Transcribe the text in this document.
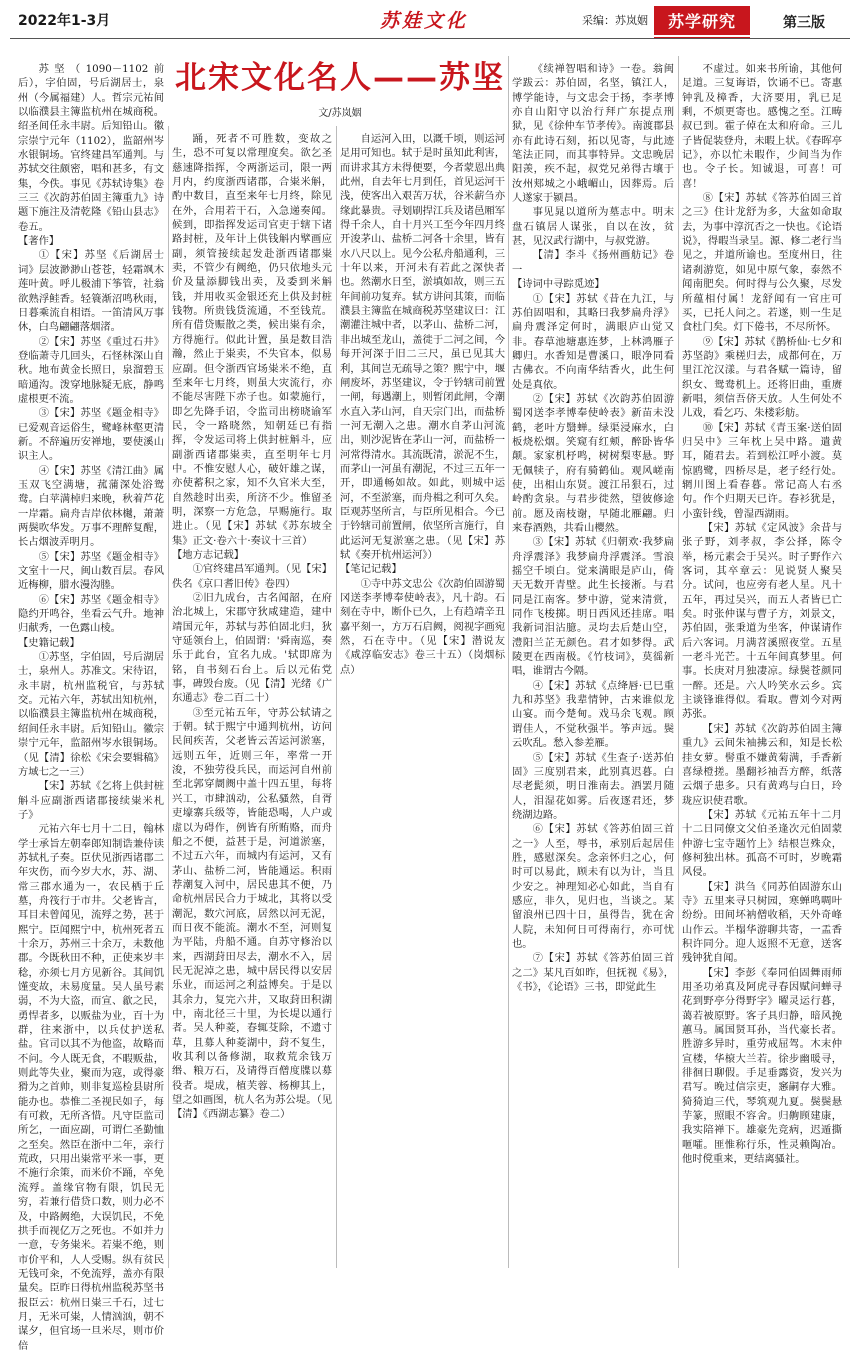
2022年1-3月	苏娃文化	采编：苏岚姻	苏学研究	第三版
北宋文化名人——苏坚
文/苏岚姻

苏坚（1090－1102前后），字伯固，号后湖居士，泉州（今属福建）人。哲宗元祐间以临濮县主簿监杭州在城商税。绍圣间任永丰尉。后知铅山。徽宗崇宁元年（1102），监韶州岑水银铜场。官终建昌军通判。与苏轼交往颇密，唱和甚多，有文集，今佚。事见《苏轼诗集》卷三三《次韵苏伯固主簿重九》诗题下施注及清乾隆《铅山县志》卷五。

【著作】

①【宋】苏坚《后湖居士词》层波渺渺山苍苍，轻霜飒木莲叶黄。呼儿极浦下筝管，社翁欲熟浮鲑香。轻簑渐沼鸣秋雨，日暮乘流自相语。一笛清风万事休，白鸟翩翩落烟渚。

②【宋】苏坚《重过石井》登临萧寺几回头，石怪林深山自秋。地布黄金长照日，泉溜碧玉暗通沟。泼穿地脉疑无底，静鸣虚根更不流。

③【宋】苏坚《题金相寺》已爱观音运俗生，鹭峰林壑更清新。不辞遍历安禅地，要使溪山识主人。

④【宋】苏坚《清江曲》属玉双飞空满塘，菰蒲深处浴鸳鸯。白苹满棹归来晚，秋着芦花一岸霜。扁舟吉岸依林樾，萧萧两鬓吹华发。万事不理醉复醒，长占烟波弄明月。

⑤【宋】苏坚《题金相寺》文室十一尺，闽山数百层。春风近梅柳，腊水漫沟塍。

⑥【宋】苏坚《题金相寺》隐约开鸣谷，坐看云气升。地神归献秀，一色露山棱。

【史籍记载】

①苏坚，字伯固，号后湖居士，泉州人。苏准文。宋待诏，永丰尉，杭州监税官，与苏轼交。元祐六年，苏轼出知杭州，以临濮县主簿监杭州在城商税，绍间任永丰尉。后知铅山。徽宗崇宁元年，监韶州岑水银铜场。（见【清】徐松《宋会要辑稿》方域七之一三）

【宋】苏轼《乞将上供封桩斛斗应副浙西诸郡接续粜米札子》

元祐六年七月十二日，翰林学士承旨左朝奉郎知制诰兼侍读苏轼札子奏。臣伏见浙西诸郡二年灾伤，而今岁大水，苏、湖、常三郡水通为一，农民栖于丘墓，舟筏行于市井。父老皆言，耳目未曾闻见，流殍之势，甚于熙宁。臣闻熙宁中，杭州死者五十余万，苏州三十余万，未数他郡。今既秋田不种，正使来岁丰稔，亦须七月方见新谷。其间饥馑变故，未易度量。吴人虽号素弱，不为大盗，而宣、歙之民，勇悍者多，以贩盐为业，百十为群，往来浙中，以兵仗护送私盐。官司以其不为他盗，故略而不问。今人既无食，不暇贩盐，则此等失业，聚而为寇，或得豪猾为之首帅，则非复巡检县尉所能办也。恭惟二圣视民如子，每有可救，无所吝惜。凡守臣监司所乞，一面应副，可谓仁圣勤恤之至矣。然臣在浙中二年，亲行荒政，只用出粜常平米一事，更不施行余策，而米价不踊，卒免流殍。盖缘官物有限，饥民无穷，若兼行借贷口数，则力必不及，中路阙绝，大误饥民，不免拱手而视亿万之死也。不如并力一意，专务粜米。若粜不绝，则市价平和，人人受赐。纵有贫民无钱可籴，不免流殍，盖亦有限量矣。臣昨日得杭州监税苏坚书报臣云：杭州日粜三千石，过七月，无米可粜，人情汹汹，朝不谋夕，但官场一旦米尽，则市价倍

踊，死者不可胜数，变故之生，恐不可复以常理度矣。欲乞圣慈速降指挥，令两浙运司，限一两月内，约度浙西诸郡，合粜米斛，酌中数目，直至来年七月终，除见在外，合用若干石，入急递奏闻。候到，即指挥发运司官吏于辖下诸路封桩，及年计上供钱斛内擘画应副，须管接续起发赴浙西诸郡粜卖，不管少有阙绝，仍只依地头元价及量添脚钱出卖，及委到米斛钱，并用收买金银还充上供及封桩钱物。所贵钱货流通，不至钱荒。所有借贷赈散之类，候出粜有余，方得施行。似此计置，虽是数目浩瀚，然止于粜卖，不失官本，似易应副。但令浙西官场粜米不绝，直至来年七月终，则虽大灾流行，亦不能尽害陛下赤子也。如蒙施行，即乞先降手诏，令监司出榜晓谕军民，令一路晓然，知朝廷已有指挥，令发运司将上供封桩斛斗，应副浙西诸郡粜卖，直至明年七月中。不惟安慰人心，破奸雄之谋，亦使蓄积之家，知不久官米大至，自然趁时出卖，所济不少。惟留圣明，深察一方危急，早赐施行。取进止。（见【宋】苏轼《苏东坡全集》正文·卷六十·奏议十三首）

【地方志记载】

①官终建昌军通判。（见【宋】佚名《京口耆旧传》卷四）

②旧九成台，古名闻韶，在府治北城上，宋郡守狄咸建造，建中靖国元年，苏轼与苏伯固北归，狄守延领台上，伯固谓：'舜南巡，奏乐于此台，宜名九成。'轼即席为铭，自书刻石台上。后以元佑党事，碑毁台废。（见【清】光绪《广东通志》卷二百二十）

③至元祐五年，守苏公轼请之于朝。轼于熙宁中通判杭州，访问民间疾苦，父老皆云苦运河淤塞，远则五年，近则三年，率常一开浚，不独劳役兵民，而运河自州前至北郭穿阛阓中盖十四五里，每将兴工，市肆汹动，公私骚然，自胥吏壕寨兵级等，皆能恐喝，人户或虚以为碍作，例皆有所贿赂，而舟船之不便，益甚于是，河道淤塞，不过五六年，而城内有运河，又有茅山、盐桥二河，皆能通运。积雨荐潮复入河中，居民患其不便，乃命杭州居民合力于城北，其将以受潮泥，数穴河底，居然以河无泥，而日夜不能流。潮水不至，河则复为平陆，舟船不通。自苏守修治以来，西湖葑田尽去，潮水不入，居民无泥淖之患，城中居民得以安居乐业，而运河之利益博矣。于是以其余力，复完六井，又取葑田积湖中，南北径三十里，为长堤以通行者。吴人种菱，春辄芟除，不遗寸草，且募人种菱湖中，葑不复生，收其利以备修湖，取救荒余钱万缗、粮万石，及请得百僧度牒以募役者。堤成，植芙蓉、杨柳其上，望之如画图，杭人名为苏公堤。（见【清】《西湖志纂》卷二）

自运河入田，以溉千顷，则运河足用可知也。轼于是时虽知此利害，而讲求其方未得便要，今者蒙恩出典此州，自去年七月到任，首见运河干浅，使客出入艰苦万状，谷米薪刍亦缘此暴贵。寻划刷捍江兵及诸邑厢军得千余人，自十月兴工至今年四月终开浚茅山、盐桥二河各十余里，皆有水八尺以上。见今公私舟船通利，三十年以来，开河未有若此之深快者也。然潮水日至，淤填如故，则三五年间前功复弃。轼方讲问其策，而临濮县主簿监在城商税苏坚建议曰：江潮灌注城中者，以茅山、盐桥二河，非出城至龙山，盖徙于二河之间，今每开河深于旧二三尺，虽已见其大利，其间岂无疏导之策？熙宁中，堰闸废坏，苏坚建议，令于钤辖司前置一闸，每遇潮上，则暂闭此闸，令潮水直入茅山河，自天宗门出，而盐桥一河无潮入之患。潮水自茅山河流出，则沙泥皆在茅山一河，而盐桥一河常得清水。其流既清，淤泥不生，而茅山一河虽有潮泥，不过三五年一开，即通畅如故。如此，则城中运河，不至淤塞，而舟楫之利可久矣。臣观苏坚所言，与臣所见相合。今已于钤辖司前置闸，依坚所言施行，自此运河无复淤塞之患。（见【宋】苏轼《奏开杭州运河》）

【笔记记载】

①寺中苏文忠公《次韵伯固游蜀冈送李孝博奉使岭表》，凡十韵。石刻在寺中，断仆已久，上有趋靖辛丑嘉平刻一，方万石启阙，阅视字画宛然，石在寺中。（见【宋】潜说友《咸淳临安志》卷三十五）（岗烟标点）

《续禅智唱和诗》一卷。翁闽学跋云：苏伯固，名坚，镇江人，博学能诗，与文忠会于扬，李孝博亦自山阳守以治行拜广东提点刑狱，见《徐仲车节孝传》。南渡郡县亦有此诗石刻，拓以见寄，与此迹笔法正同，而其事特异。文忠晚居阳羡，疾不起，叔党兄弟得古壤于汝州郏城之小峨嵋山，因葬焉。后人遂家于颍昌。

事见晁以道所为墓志中。明末盘石镇居人谋张，自以在汝，贫甚，见汉武行湖中，与叔党游。

【清】李斗《扬州画舫记》卷一

【诗词中寻踪觅迹】

①【宋】苏轼《昔在九江，与苏伯固唱和，其略曰我梦扁舟浮》扁舟震泽定何时，满眼庐山觉又非。春草池塘惠连梦，上林鸿雁子卿归。水香知是曹溪口，眼净同看古佛衣。不向南华结香火，此生何处是真依。

②【宋】苏轼《次韵苏伯固游蜀冈送李孝博奉使岭表》新苗未没鹤，老叶方翳蝉。绿渠浸麻水，白板烧松烟。笑窥有红颊，醉卧皆华颠。家家机杼鸣，树树梨枣悬。野无佩犊子，府有骑鹤仙。观风嵯南使，出相山东贤。渡江吊狠石，过岭酌贪泉。与君步徙然，望彼修途前。愿及南枝谢，早随北雁翩。归来春酒熟，共看山樱然。

③【宋】苏轼《归朝欢·我梦扁舟浮震泽》我梦扁舟浮震泽。雪浪摇空千顷白。觉来满眼是庐山，倚天无数开青壁。此生长接淅。与君同是江南客。梦中游，觉来清赏，同作飞梭掷。明日西风还挂席。唱我新词泪沾臆。灵均去后楚山空，澧阳兰芷无颜色。君才如梦得。武陵更在西南极。《竹枝词》，莫徭新唱，谁谓古今隔。

④【宋】苏轼《点绛唇·已巳重九和苏坚》我辈情钟，古来谁似龙山宴。而今楚甸。戏马余飞观。顾谓佳人，不觉秋强半。筝声远。鬓云吹乱。愁入参差雁。

⑤【宋】苏轼《生查子·送苏伯固》三度别君来，此别真迟暮。白尽老髭须，明日淮南去。酒罢月随人，泪湿花如雾。后夜逐君还，梦绕湖边路。

⑥【宋】苏轼《答苏伯固三首之一》人至，辱书，承别后起居佳胜，感慰深矣。念亲怀归之心，何时可以易此，顾未有以为计，当且少安之。神理知必心如此，当自有感应，非久，见归也，当谈之。某留浪州已四十日，虽得告，犹在舍人院，未知何日可得南行，亦可忧也。

⑦【宋】苏轼《答苏伯固三首之二》某凡百如昨，但抚视《易》，《书》，《论语》三书，即觉此生

不虚过。如来书所谕，其他何足道。三复诲语，饮诵不已。寄惠钟乳及樟香，大济要用，乳已足剩，不烦更寄也。感愧之至。江畴叔已到。霍子倬在太和府命。三儿子皆促装登舟，未暇上状。《春晖亭记》，亦以忙未暇作，少间当为作也。令子长。知诚退，可喜！可喜！

⑧【宋】苏轼《答苏伯固三首之三》住计龙舒为多，大盆如命取去，为事中淳沉否之一快也。《论语说》，得暇当录呈。源、修二老行当见之，并道所谕也。至度州日，往诸刹游览，如见中原气象，泰然不闻南肥矣。何时得与公久聚，尽发所蕴相付属！龙舒闻有一官庄可买，已托人问之。若遂，则一生足食杜门矣。灯下倦书，不尽所怀。

⑨【宋】苏轼《鹊桥仙·七夕和苏坚韵》乘槎归去，成都何在，万里江沱汉漾。与君各赋一篇诗，留织女、鸳鸯机上。还将旧曲，重赓新唱，须信吾侪天放。人生何处不儿戏，看乞巧、朱楼彩舫。

⑩【宋】苏轼《青玉案·送伯固归吴中》三年枕上吴中路。遣黄耳，随君去。若到松江呼小渡。莫惊鸥鹭，四桥尽是，老子经行处。辋川图上看春暮。常记高人右丞句。作个归期天已许。春衫犹是，小蛮针线，曾湿西湖雨。

【宋】苏轼《定风波》余昔与张子野，刘孝叔，李公择，陈令举，杨元素会于吴兴。时子野作六客词，其卒章云：见说贤人聚吴分。试问，也应旁有老人星。凡十五年，再过吴兴，而五人者皆已亡矣。时张仲谋与曹子方，刘景文，苏伯固，张秉道为坐客，仲谋请作后六客词。月满苕溪照夜堂。五星一老斗光芒。十五年间真梦里。何事。长庚对月独凄凉。绿鬓苍颜同一醉。还是。六人吟笑水云乡。宾主谈锋谁得似。看取。曹刘今对两苏张。

【宋】苏轼《次韵苏伯固主簿重九》云间朱袖拂云和，知是长松挂女萝。髻重不嫌黄菊满，手香新喜绿橙搓。墨翻衫袖吾方醉，纸落云烟子患多。只有黄鸡与白日，玲珑应识使君歌。

【宋】苏轼《元祐五年十二月十二日同僚文父伯圣逢次元伯固蒙仲游七宝寺题竹上》结根岂殊众，修柯独出林。孤高不可时，岁晚霜风侵。

【宋】洪刍《同苏伯固游东山寺》五里来寻只树园，寒蝉鸣啁叶纷纷。田间坏衲僧收稻，天外奇峰山作云。半榻华游聊共寄，一盂香积许同分。迎人返照不无意，送客残钟犹自闻。

【宋】李彭《奉同伯固舞雨师用圣功弟真及阿虎寻春因赋问蝉寻花到野亭分得野字》曜灵运行暮，蔼若被原野。客子具归静，暗风挽蕙马。属国贤耳孙，当代豪长者。胜游多异时，重劳戒屈驾。木末仲宣楼，华榱大兰若。徐步幽暖寻，徘徊日聊假。手足垂露资，发兴为君写。晚过信宗吏，窸嗣存大雅。猗猗迫三代，琴筑观九夏。鬓鬓悬芋篆，照眼不容舍。归齁顾建康，我实陪禅下。雄豪先竞病，迟遁撕咂嚯。匪惟称行乐，性灵赖陶冶。他时傥重来，更结离骚社。
